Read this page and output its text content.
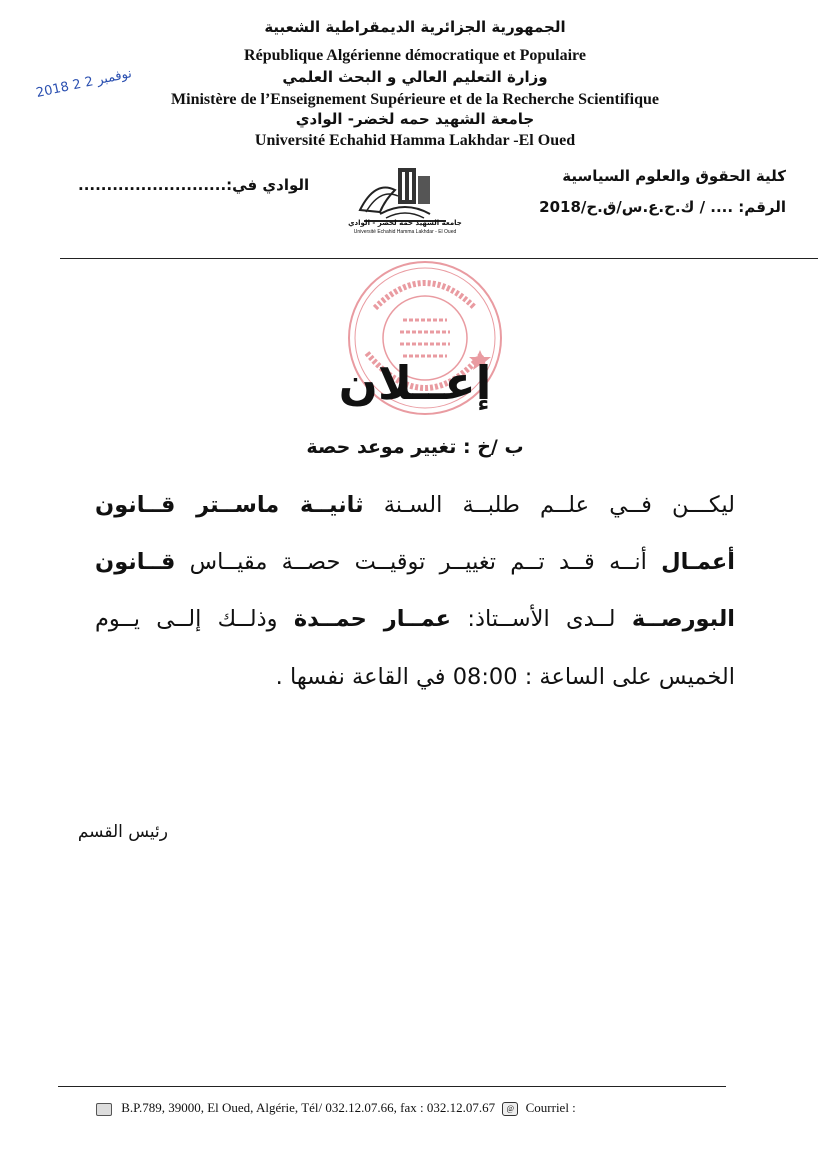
الجمهورية الجزائرية الديمقراطية الشعبية
République Algérienne démocratique et Populaire
وزارة التعليم العالي و البحث العلمي
Ministère de l’Enseignement Supérieure et de la Recherche Scientifique
جامعة الشهيد حمه لخضر- الوادي
Université Echahid Hamma Lakhdar -El Oued
2018 نوفمبر 2 2
كلية الحقوق والعلوم السياسية
الرقم: .... / ك.ح.ع.س/ق.ح/2018
الوادي في:..........................
جامعة الشهيد حمه لخضر - الوادي
Université Echahid Hamma Lakhdar - El Oued
إعــلان
ب /خ : تغيير موعد حصة
ليكـــن فــي علــم طلبــة السـنة ثانيــة ماســتر قــانون
أعمـال أنــه قــد تــم تغييــر توقيــت حصــة مقيــاس قــانون
البورصــة لــدى الأســتاذ: عمــار حمــدة وذلــك إلــى يــوم
الخميس على الساعة : 08:00 في القاعة نفسها .
رئيس القسم
B.P.789, 39000, El Oued, Algérie, Tél/ 032.12.07.66, fax : 032.12.07.67 @ Courriel :
